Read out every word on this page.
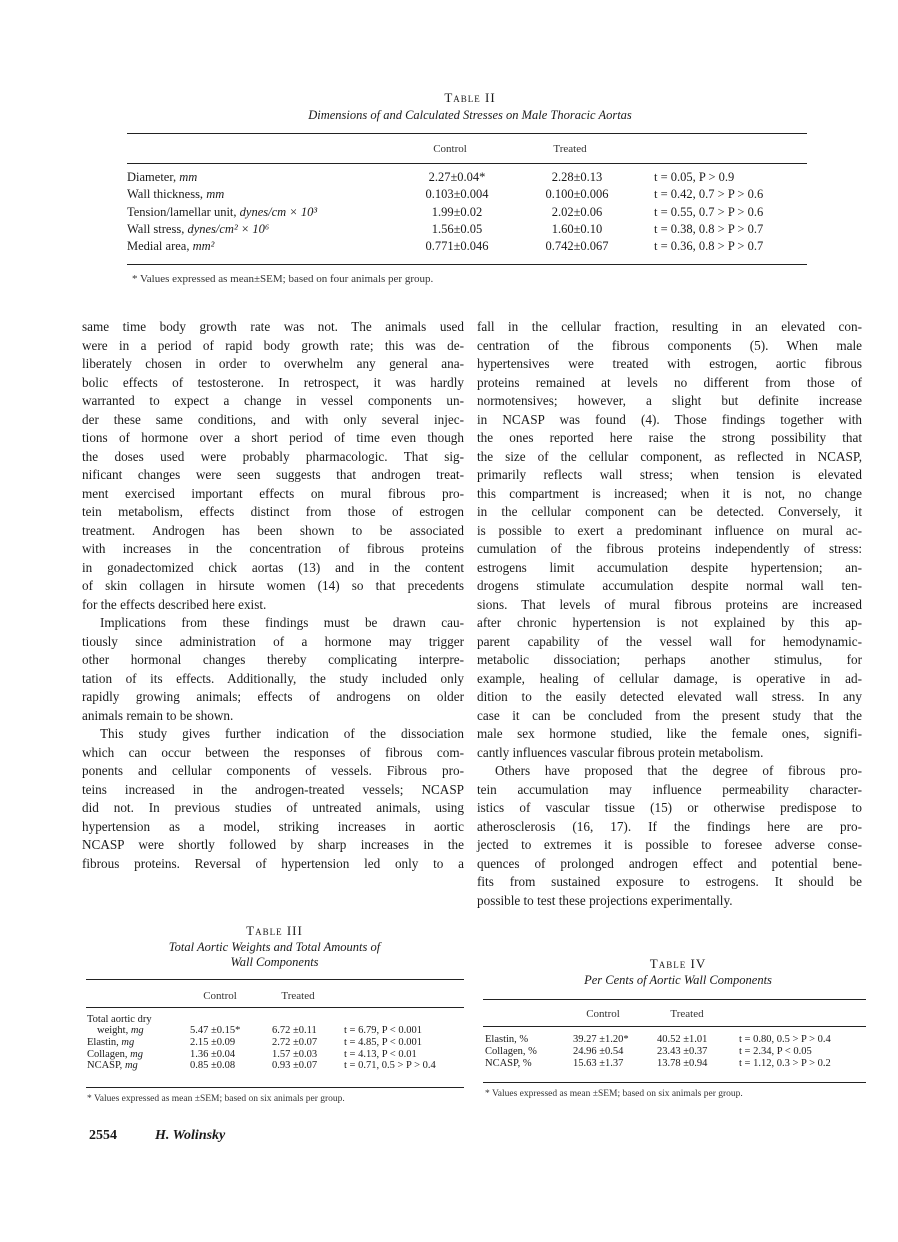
Table II
Dimensions of and Calculated Stresses on Male Thoracic Aortas
Control	Treated
Diameter, mm	2.27±0.04*	2.28±0.13	t = 0.05, P > 0.9
Wall thickness, mm	0.103±0.004	0.100±0.006	t = 0.42, 0.7 > P > 0.6
Tension/lamellar unit, dynes/cm × 10³	1.99±0.02	2.02±0.06	t = 0.55, 0.7 > P > 0.6
Wall stress, dynes/cm² × 10⁶	1.56±0.05	1.60±0.10	t = 0.38, 0.8 > P > 0.7
Medial area, mm²	0.771±0.046	0.742±0.067	t = 0.36, 0.8 > P > 0.7
* Values expressed as mean±SEM; based on four animals per group.
same time body growth rate was not. The animals used
were in a period of rapid body growth rate; this was de-
liberately chosen in order to overwhelm any general ana-
bolic effects of testosterone. In retrospect, it was hardly
warranted to expect a change in vessel components un-
der these same conditions, and with only several injec-
tions of hormone over a short period of time even though
the doses used were probably pharmacologic. That sig-
nificant changes were seen suggests that androgen treat-
ment exercised important effects on mural fibrous pro-
tein metabolism, effects distinct from those of estrogen
treatment. Androgen has been shown to be associated
with increases in the concentration of fibrous proteins
in gonadectomized chick aortas (13) and in the content
of skin collagen in hirsute women (14) so that precedents
for the effects described here exist.
Implications from these findings must be drawn cau-
tiously since administration of a hormone may trigger
other hormonal changes thereby complicating interpre-
tation of its effects. Additionally, the study included only
rapidly growing animals; effects of androgens on older
animals remain to be shown.
This study gives further indication of the dissociation
which can occur between the responses of fibrous com-
ponents and cellular components of vessels. Fibrous pro-
teins increased in the androgen-treated vessels; NCASP
did not. In previous studies of untreated animals, using
hypertension as a model, striking increases in aortic
NCASP were shortly followed by sharp increases in the
fibrous proteins. Reversal of hypertension led only to a
fall in the cellular fraction, resulting in an elevated con-
centration of the fibrous components (5). When male
hypertensives were treated with estrogen, aortic fibrous
proteins remained at levels no different from those of
normotensives; however, a slight but definite increase
in NCASP was found (4). Those findings together with
the ones reported here raise the strong possibility that
the size of the cellular component, as reflected in NCASP,
primarily reflects wall stress; when tension is elevated
this compartment is increased; when it is not, no change
in the cellular component can be detected. Conversely, it
is possible to exert a predominant influence on mural ac-
cumulation of the fibrous proteins independently of stress:
estrogens limit accumulation despite hypertension; an-
drogens stimulate accumulation despite normal wall ten-
sions. That levels of mural fibrous proteins are increased
after chronic hypertension is not explained by this ap-
parent capability of the vessel wall for hemodynamic-
metabolic dissociation; perhaps another stimulus, for
example, healing of cellular damage, is operative in ad-
dition to the easily detected elevated wall stress. In any
case it can be concluded from the present study that the
male sex hormone studied, like the female ones, signifi-
cantly influences vascular fibrous protein metabolism.
Others have proposed that the degree of fibrous pro-
tein accumulation may influence permeability character-
istics of vascular tissue (15) or otherwise predispose to
atherosclerosis (16, 17). If the findings here are pro-
jected to extremes it is possible to foresee adverse conse-
quences of prolonged androgen effect and potential bene-
fits from sustained exposure to estrogens. It should be
possible to test these projections experimentally.
Table III
Total Aortic Weights and Total Amounts of
Wall Components
Control	Treated
Total aortic dry
weight, mg	5.47 ±0.15*	6.72 ±0.11	t = 6.79, P < 0.001
Elastin, mg	2.15 ±0.09	2.72 ±0.07	t = 4.85, P < 0.001
Collagen, mg	1.36 ±0.04	1.57 ±0.03	t = 4.13, P < 0.01
NCASP, mg	0.85 ±0.08	0.93 ±0.07	t = 0.71, 0.5 > P > 0.4
* Values expressed as mean ±SEM; based on six animals per group.
Table IV
Per Cents of Aortic Wall Components
Control	Treated
Elastin, %	39.27 ±1.20*	40.52 ±1.01	t = 0.80, 0.5 > P > 0.4
Collagen, %	24.96 ±0.54	23.43 ±0.37	t = 2.34, P < 0.05
NCASP, %	15.63 ±1.37	13.78 ±0.94	t = 1.12, 0.3 > P > 0.2
* Values expressed as mean ±SEM; based on six animals per group.
2554	H. Wolinsky
